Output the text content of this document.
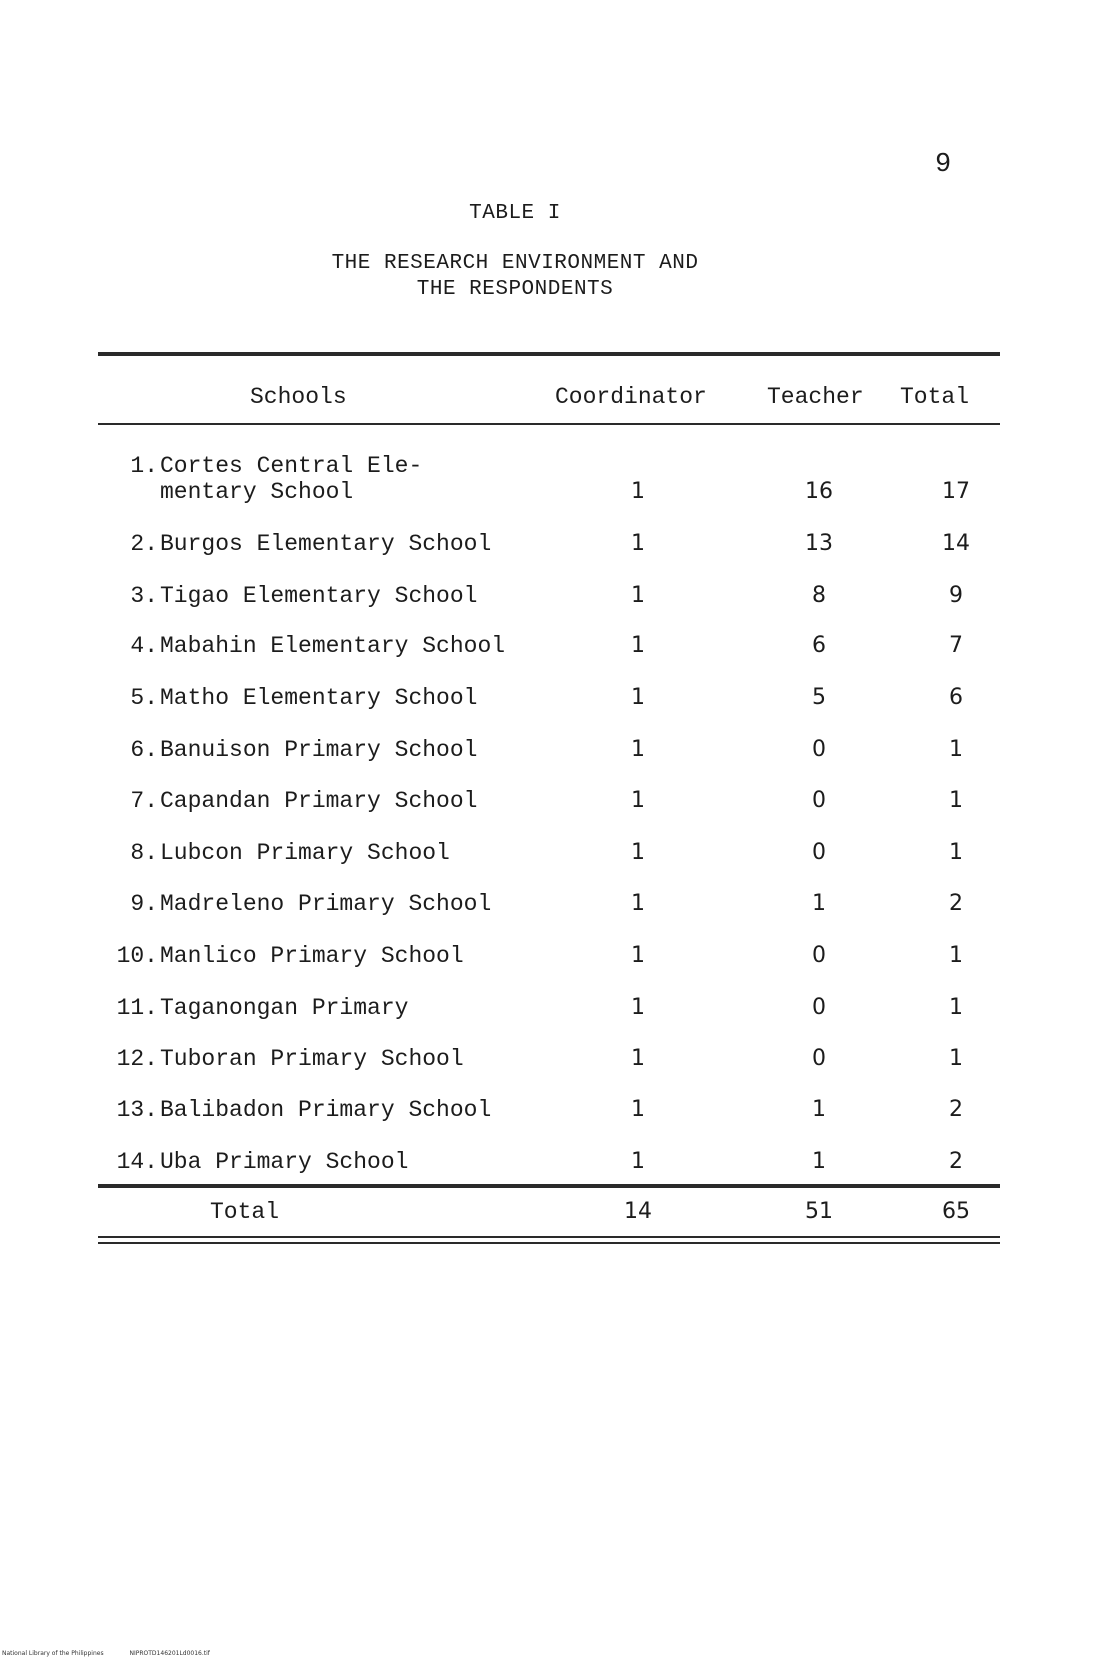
9
TABLE I
THE RESEARCH ENVIRONMENT AND
THE RESPONDENTS
Schools	Coordinator	Teacher Total
1. Cortes Central Ele-
mentary School	1	16	17
2. Burgos Elementary School	1	13	14
3. Tigao Elementary School	1	8	9
4. Mabahin Elementary School	1	6	7
5. Matho Elementary School	1	5	6
6. Banuison Primary School	1	0	1
7. Capandan Primary School	1	0	1
8. Lubcon Primary School	1	0	1
9. Madreleno Primary School	1	1	2
10. Manlico Primary School	1	0	1
11. Taganongan Primary	1	0	1
12. Tuboran Primary School	1	0	1
13. Balibadon Primary School	1	1	2
14. Uba Primary School	1	1	2
Total	14	51	65
National Library of the Philippines	NIPROTD146201Ld0016.tif
